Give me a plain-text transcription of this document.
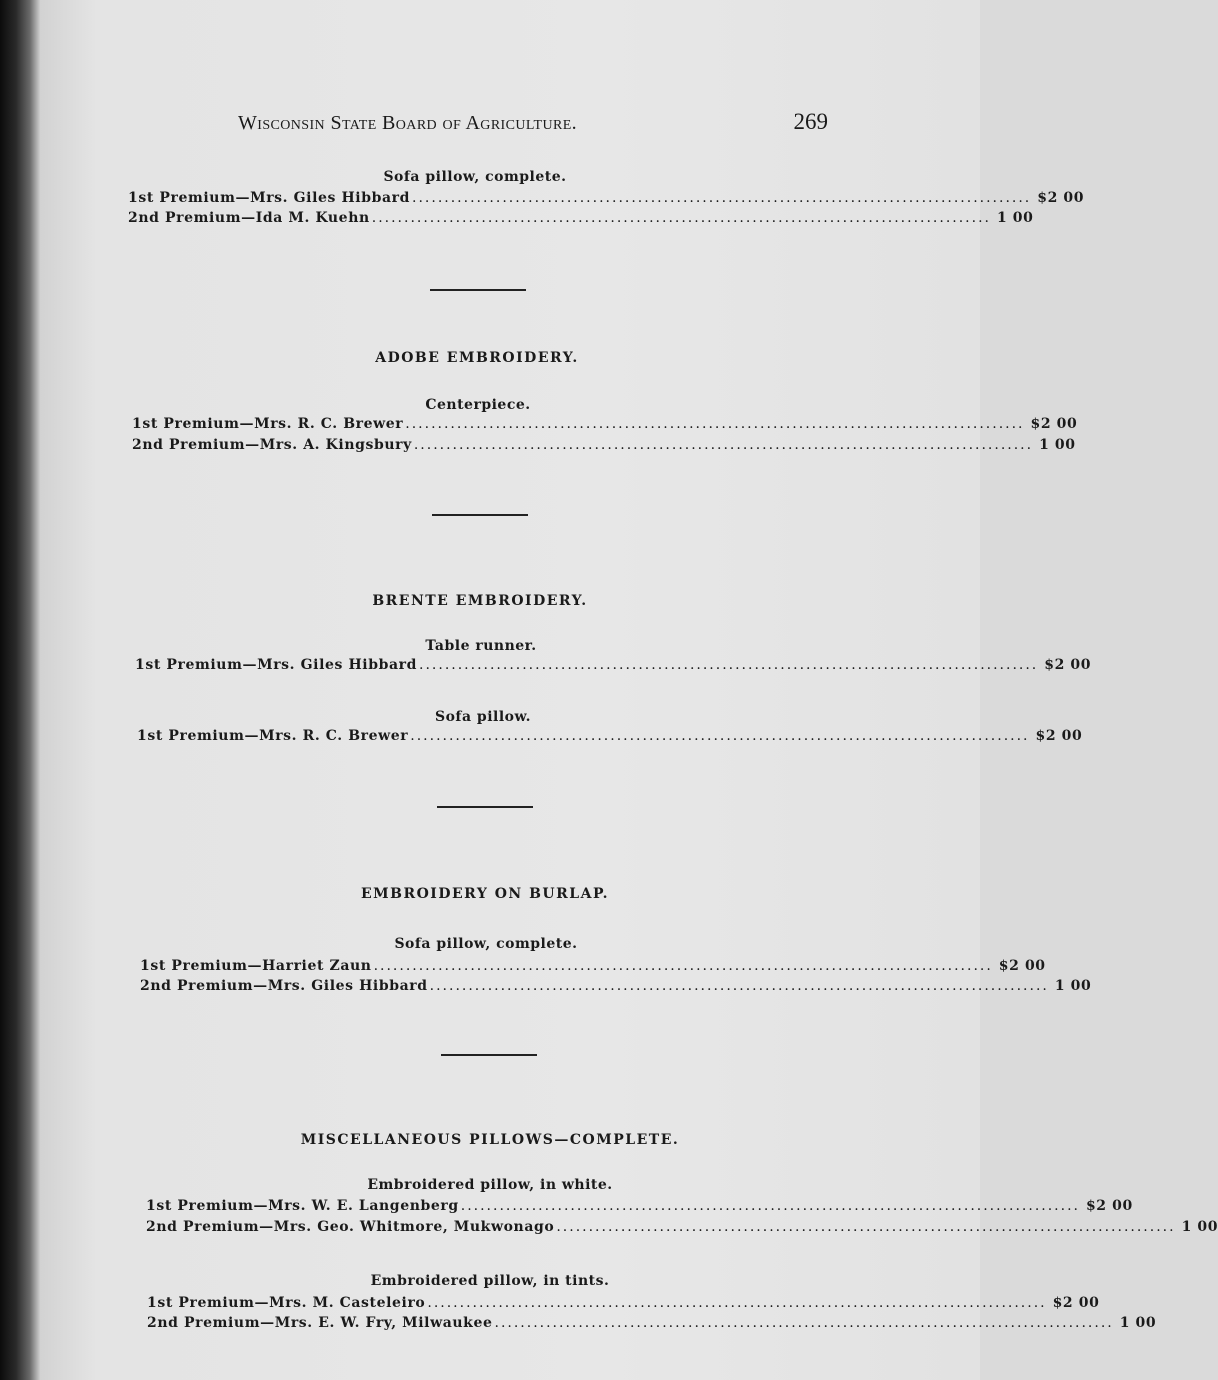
Wisconsin State Board of Agriculture.	269
Sofa pillow, complete.
1st Premium—Mrs. Giles Hibbard ................................................................................................ $2 00
2nd Premium—Ida M. Kuehn ................................................................................................ 1 00
ADOBE EMBROIDERY.
Centerpiece.
1st Premium—Mrs. R. C. Brewer ................................................................................................ $2 00
2nd Premium—Mrs. A. Kingsbury ................................................................................................ 1 00
BRENTE EMBROIDERY.
Table runner.
1st Premium—Mrs. Giles Hibbard ................................................................................................ $2 00
Sofa pillow.
1st Premium—Mrs. R. C. Brewer ................................................................................................ $2 00
EMBROIDERY ON BURLAP.
Sofa pillow, complete.
1st Premium—Harriet Zaun ................................................................................................ $2 00
2nd Premium—Mrs. Giles Hibbard ................................................................................................ 1 00
MISCELLANEOUS PILLOWS—COMPLETE.
Embroidered pillow, in white.
1st Premium—Mrs. W. E. Langenberg ................................................................................................ $2 00
2nd Premium—Mrs. Geo. Whitmore, Mukwonago ................................................................................................ 1 00
Embroidered pillow, in tints.
1st Premium—Mrs. M. Casteleiro ................................................................................................ $2 00
2nd Premium—Mrs. E. W. Fry, Milwaukee ................................................................................................ 1 00
